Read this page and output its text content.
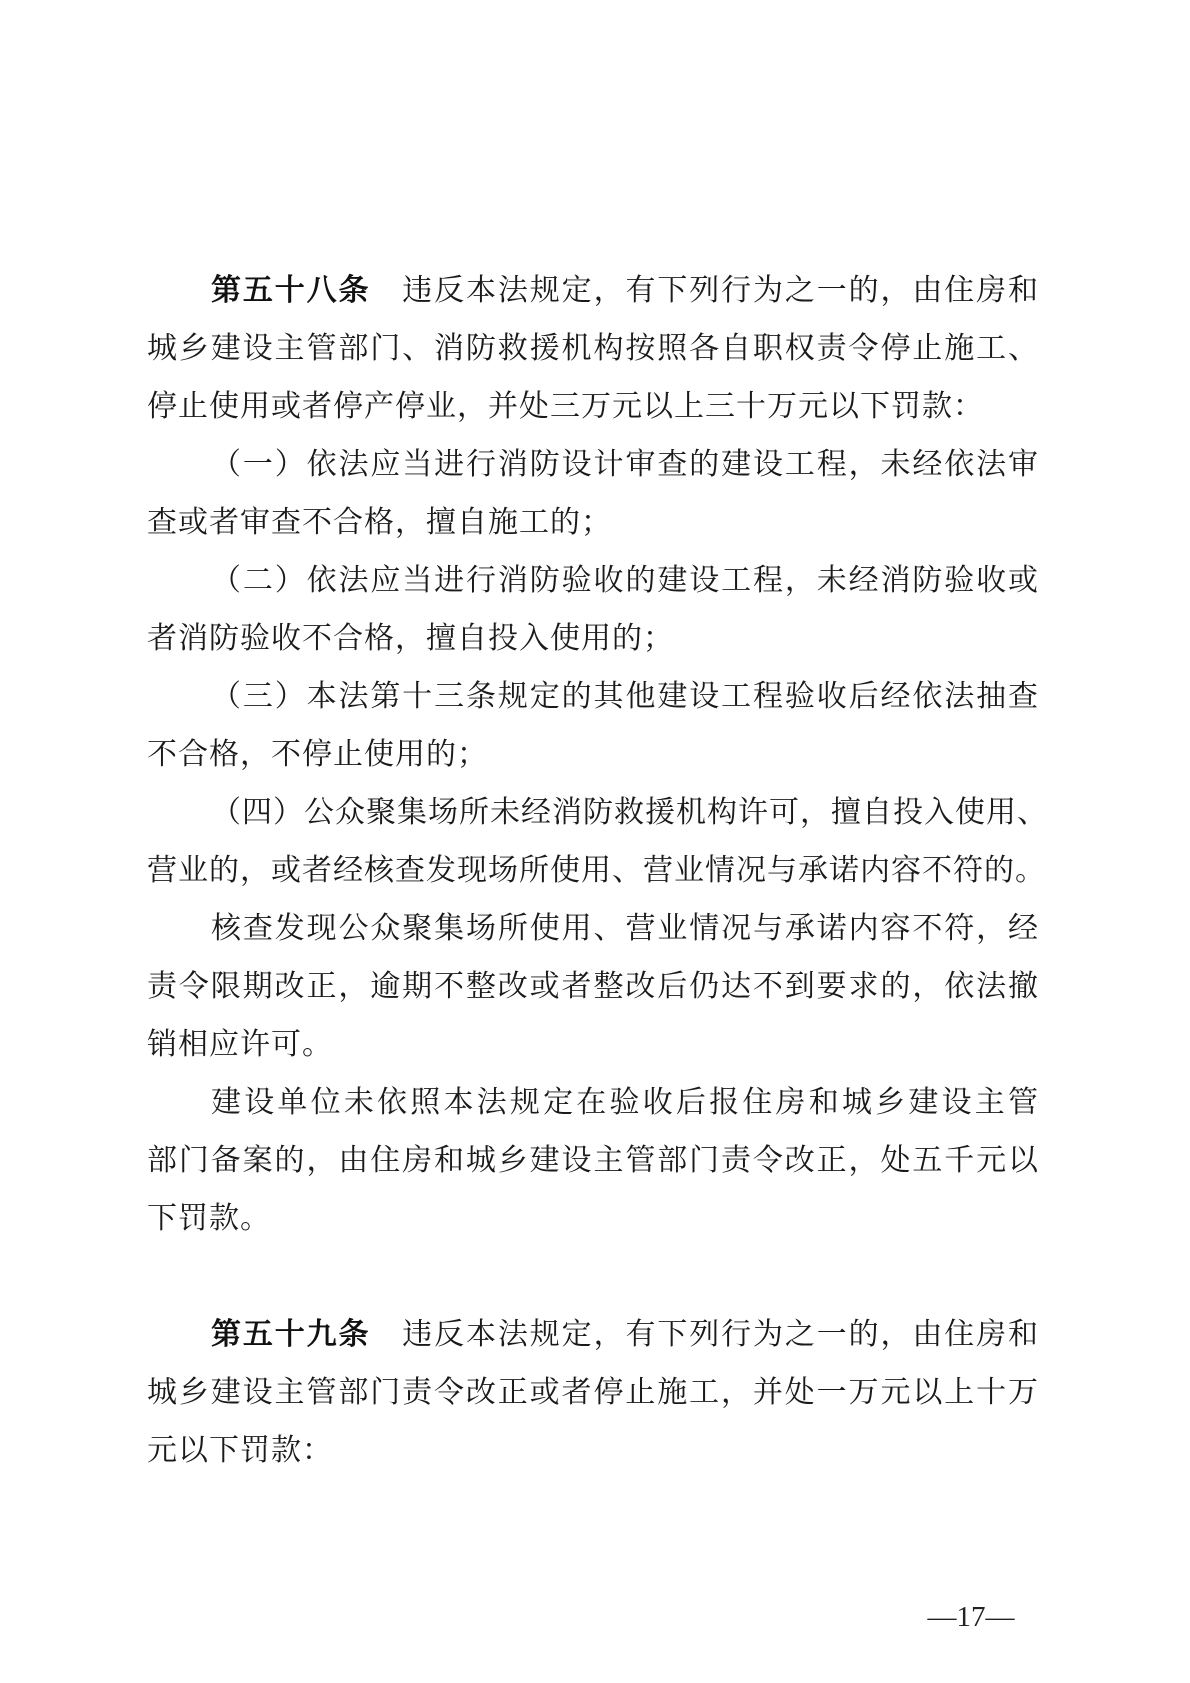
第五十八条　违反本法规定，有下列行为之一的，由住房和
城乡建设主管部门、消防救援机构按照各自职权责令停止施工、
停止使用或者停产停业，并处三万元以上三十万元以下罚款：
（一）依法应当进行消防设计审查的建设工程，未经依法审
查或者审查不合格，擅自施工的；
（二）依法应当进行消防验收的建设工程，未经消防验收或
者消防验收不合格，擅自投入使用的；
（三）本法第十三条规定的其他建设工程验收后经依法抽查
不合格，不停止使用的；
（四）公众聚集场所未经消防救援机构许可，擅自投入使用、
营业的，或者经核查发现场所使用、营业情况与承诺内容不符的。
核查发现公众聚集场所使用、营业情况与承诺内容不符，经
责令限期改正，逾期不整改或者整改后仍达不到要求的，依法撤
销相应许可。
建设单位未依照本法规定在验收后报住房和城乡建设主管
部门备案的，由住房和城乡建设主管部门责令改正，处五千元以
下罚款。
第五十九条　违反本法规定，有下列行为之一的，由住房和
城乡建设主管部门责令改正或者停止施工，并处一万元以上十万
元以下罚款：
—17—
